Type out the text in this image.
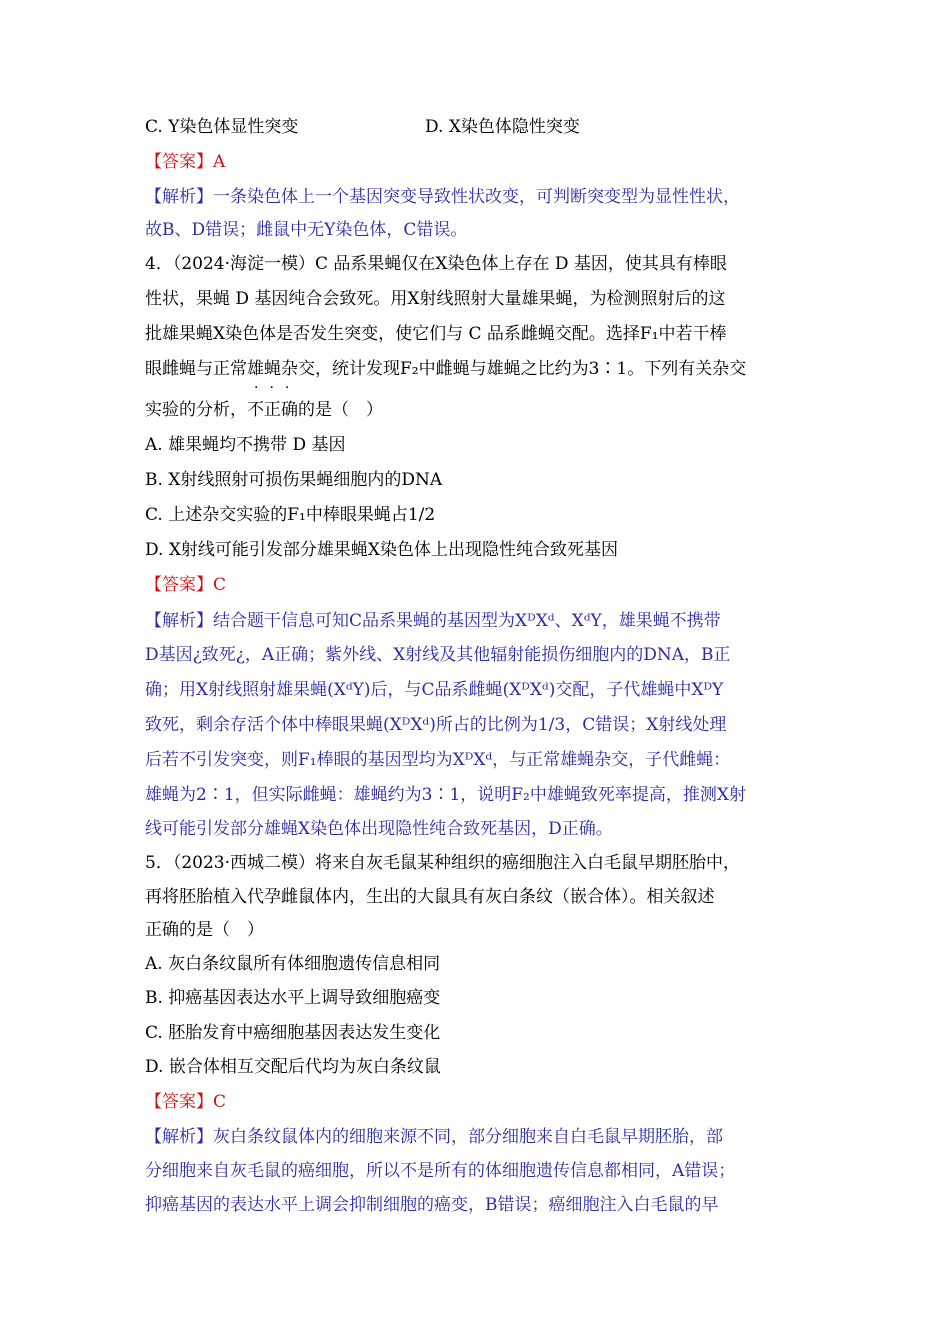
C. Y染色体显性突变	D. X染色体隐性突变
【答案】A
【解析】一条染色体上一个基因突变导致性状改变，可判断突变型为显性性状，
故B、D错误；雌鼠中无Y染色体，C错误。
4．（2024·海淀一模）C 品系果蝇仅在X染色体上存在 D 基因，使其具有棒眼
性状，果蝇 D 基因纯合会致死。用X射线照射大量雄果蝇，为检测照射后的这
批雄果蝇X染色体是否发生突变，使它们与 C 品系雌蝇交配。选择F₁中若干棒
眼雌蝇与正常雄蝇杂交，统计发现F₂中雌蝇与雄蝇之比约为3∶1。下列有关杂交
···
实验的分析，不正确的是（　）
A. 雄果蝇均不携带 D 基因
B. X射线照射可损伤果蝇细胞内的DNA
C. 上述杂交实验的F₁中棒眼果蝇占1/2
D. X射线可能引发部分雄果蝇X染色体上出现隐性纯合致死基因
【答案】C
【解析】结合题干信息可知C品系果蝇的基因型为XᴰXᵈ、XᵈY，雄果蝇不携带
D基因¿致死¿，A正确；紫外线、X射线及其他辐射能损伤细胞内的DNA，B正
确；用X射线照射雄果蝇(XᵈY)后，与C品系雌蝇(XᴰXᵈ)交配，子代雄蝇中XᴰY
致死，剩余存活个体中棒眼果蝇(XᴰXᵈ)所占的比例为1/3，C错误；X射线处理
后若不引发突变，则F₁棒眼的基因型均为XᴰXᵈ，与正常雄蝇杂交，子代雌蝇：
雄蝇为2∶1，但实际雌蝇：雄蝇约为3∶1，说明F₂中雄蝇致死率提高，推测X射
线可能引发部分雄蝇X染色体出现隐性纯合致死基因，D正确。
5．（2023·西城二模）将来自灰毛鼠某种组织的癌细胞注入白毛鼠早期胚胎中，
再将胚胎植入代孕雌鼠体内，生出的大鼠具有灰白条纹（嵌合体）。相关叙述
正确的是（　）
A. 灰白条纹鼠所有体细胞遗传信息相同
B. 抑癌基因表达水平上调导致细胞癌变
C. 胚胎发育中癌细胞基因表达发生变化
D. 嵌合体相互交配后代均为灰白条纹鼠
【答案】C
【解析】灰白条纹鼠体内的细胞来源不同，部分细胞来自白毛鼠早期胚胎，部
分细胞来自灰毛鼠的癌细胞，所以不是所有的体细胞遗传信息都相同，A错误；
抑癌基因的表达水平上调会抑制细胞的癌变，B错误；癌细胞注入白毛鼠的早
